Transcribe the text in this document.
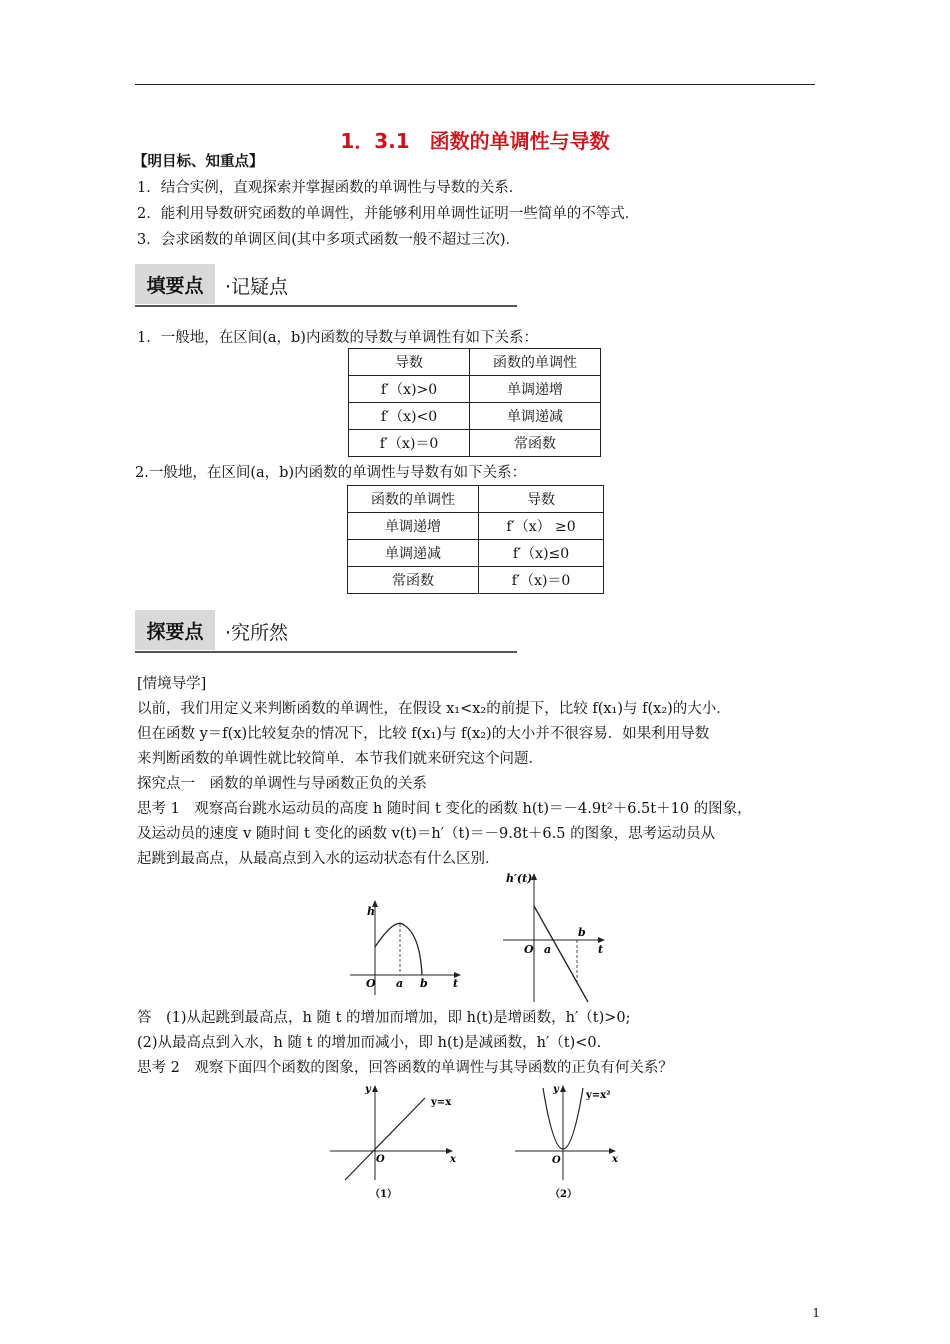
1．3.1　函数的单调性与导数
【明目标、知重点】
1．结合实例，直观探索并掌握函数的单调性与导数的关系．
2．能利用导数研究函数的单调性，并能够利用单调性证明一些简单的不等式．
3．会求函数的单调区间(其中多项式函数一般不超过三次)．
填要点	·记疑点
1．一般地，在区间(a，b)内函数的导数与单调性有如下关系：
导数	函数的单调性
f′（x)>0	单调递增
f′（x)<0	单调递减
f′（x)＝0	常函数
2.一般地，在区间(a，b)内函数的单调性与导数有如下关系：
函数的单调性	导数
单调递增	f′（x） ≥0
单调递减	f′（x)≤0
常函数	f′（x)＝0
探要点	·究所然
[情境导学]
以前，我们用定义来判断函数的单调性，在假设 x₁<x₂的前提下，比较 f(x₁)与 f(x₂)的大小．
但在函数 y＝f(x)比较复杂的情况下，比较 f(x₁)与 f(x₂)的大小并不很容易．如果利用导数
来判断函数的单调性就比较简单．本节我们就来研究这个问题．
探究点一　函数的单调性与导函数正负的关系
思考 1　观察高台跳水运动员的高度 h 随时间 t 变化的函数 h(t)＝－4.9t²＋6.5t＋10 的图象，
及运动员的速度 v 随时间 t 变化的函数 v(t)＝h′（t)＝－9.8t＋6.5 的图象，思考运动员从
起跳到最高点，从最高点到入水的运动状态有什么区别．
h
t
O a b
h′(t)
t
O a
b
答　(1)从起跳到最高点，h 随 t 的增加而增加，即 h(t)是增函数，h′（t)>0;
(2)从最高点到入水，h 随 t 的增加而减小，即 h(t)是减函数，h′（t)<0.
思考 2　观察下面四个函数的图象，回答函数的单调性与其导函数的正负有何关系？
y
x
O
y=x
（1）
y
x
O
y=x²
（2）
1
